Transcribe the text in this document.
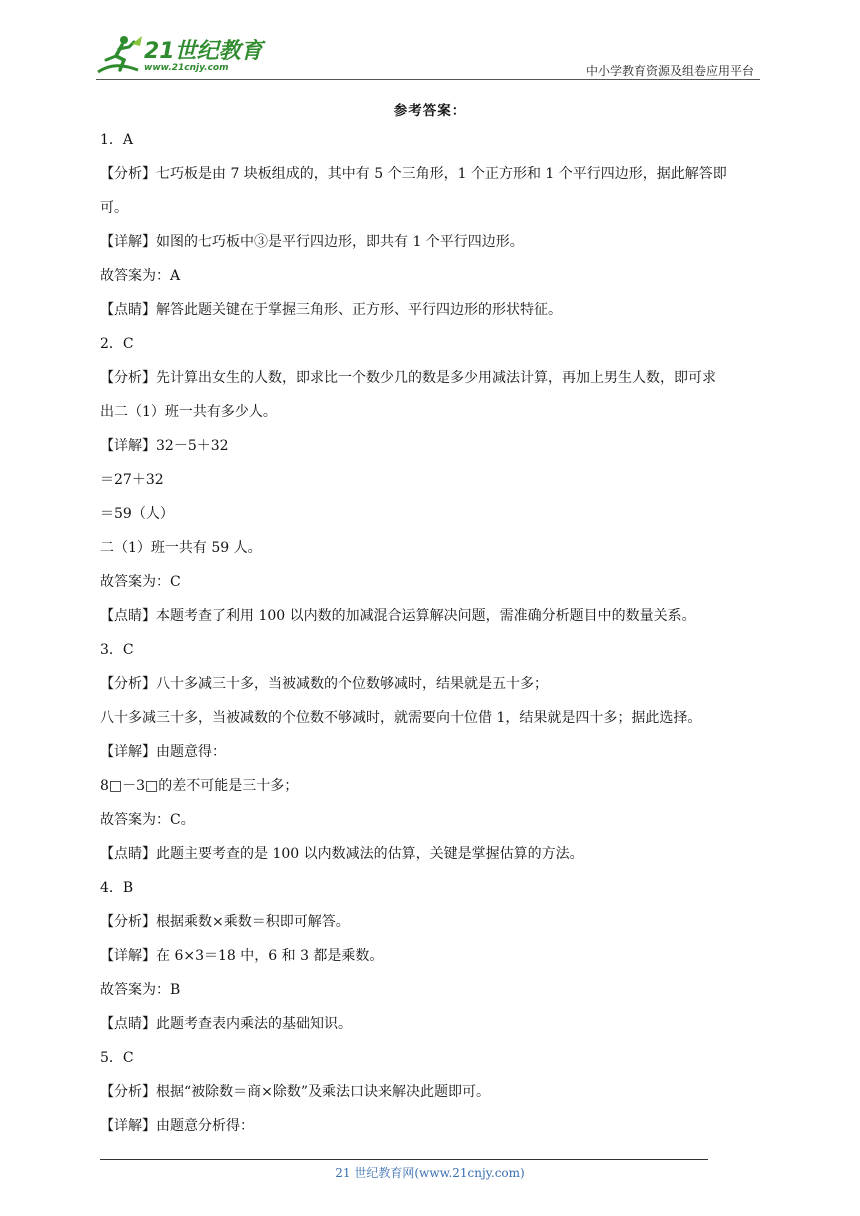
21世纪教育
www.21cnjy.com	中小学教育资源及组卷应用平台
参考答案：
1．A
【分析】七巧板是由 7 块板组成的，其中有 5 个三角形，1 个正方形和 1 个平行四边形，据此解答即
可。
【详解】如图的七巧板中③是平行四边形，即共有 1 个平行四边形。
故答案为：A
【点睛】解答此题关键在于掌握三角形、正方形、平行四边形的形状特征。
2．C
【分析】先计算出女生的人数，即求比一个数少几的数是多少用减法计算，再加上男生人数，即可求
出二（1）班一共有多少人。
【详解】32－5＋32
＝27＋32
＝59（人）
二（1）班一共有 59 人。
故答案为：C
【点睛】本题考查了利用 100 以内数的加减混合运算解决问题，需准确分析题目中的数量关系。
3．C
【分析】八十多减三十多，当被减数的个位数够减时，结果就是五十多；
八十多减三十多，当被减数的个位数不够减时，就需要向十位借 1，结果就是四十多；据此选择。
【详解】由题意得：
8□－3□的差不可能是三十多；
故答案为：C。
【点睛】此题主要考查的是 100 以内数减法的估算，关键是掌握估算的方法。
4．B
【分析】根据乘数×乘数＝积即可解答。
【详解】在 6×3＝18 中，6 和 3 都是乘数。
故答案为：B
【点睛】此题考查表内乘法的基础知识。
5．C
【分析】根据“被除数＝商×除数”及乘法口诀来解决此题即可。
【详解】由题意分析得：
21 世纪教育网(www.21cnjy.com)
